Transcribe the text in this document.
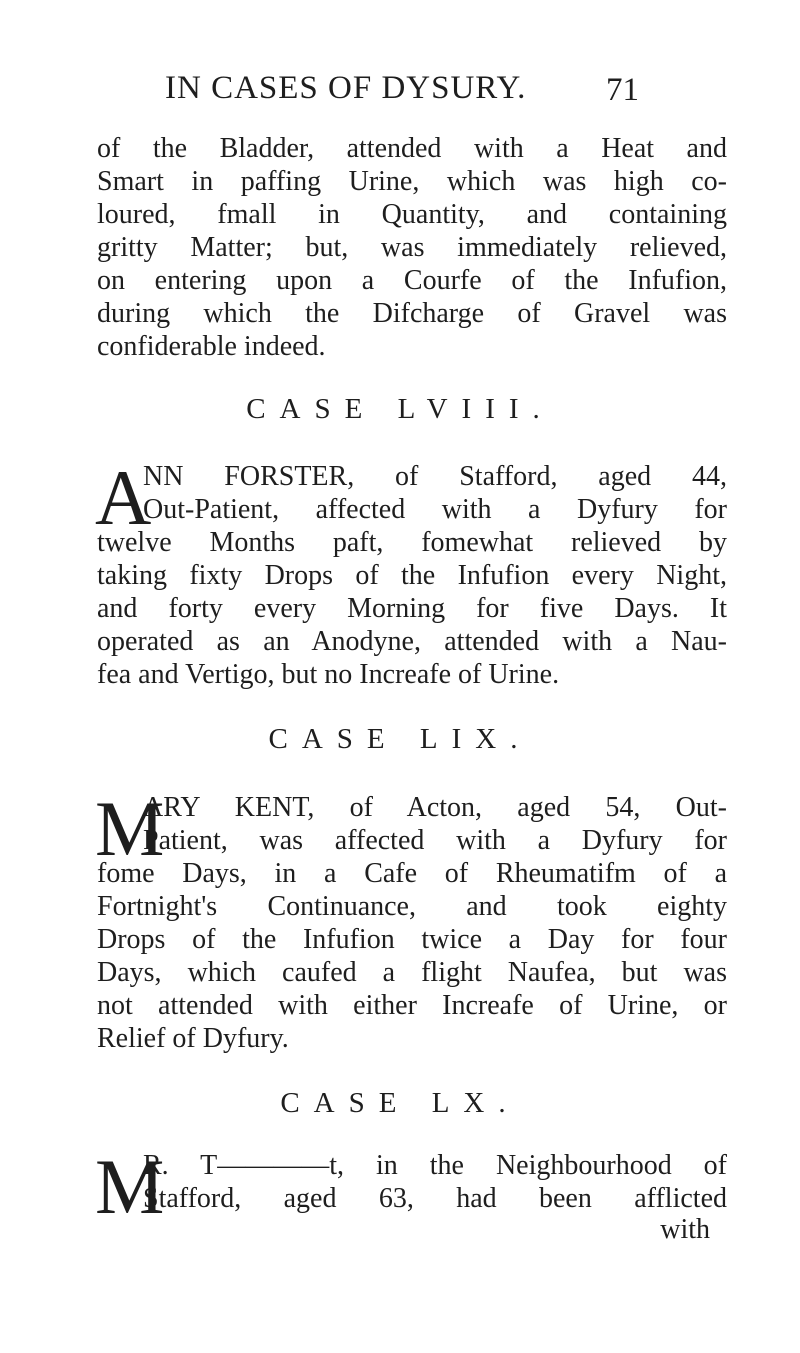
IN CASES OF DYSURY.	71
of the Bladder, attended with a Heat and
Smart in paffing Urine, which was high co-
loured, fmall in Quantity, and containing
gritty Matter; but, was immediately relieved,
on entering upon a Courfe of the Infufion,
during which the Difcharge of Gravel was
confiderable indeed.
CASE LVIII.
A
NN FORSTER, of Stafford, aged 44,
Out-Patient, affected with a Dyfury for
twelve Months paft, fomewhat relieved by
taking fixty Drops of the Infufion every Night,
and forty every Morning for five Days. It
operated as an Anodyne, attended with a Nau-
fea and Vertigo, but no Increafe of Urine.
CASE LIX.
M
ARY KENT, of Acton, aged 54, Out-
Patient, was affected with a Dyfury for
fome Days, in a Cafe of Rheumatifm of a
Fortnight's Continuance, and took eighty
Drops of the Infufion twice a Day for four
Days, which caufed a flight Naufea, but was
not attended with either Increafe of Urine, or
Relief of Dyfury.
CASE LX.
M
R. T————t, in the Neighbourhood of
Stafford, aged 63, had been afflicted
with
